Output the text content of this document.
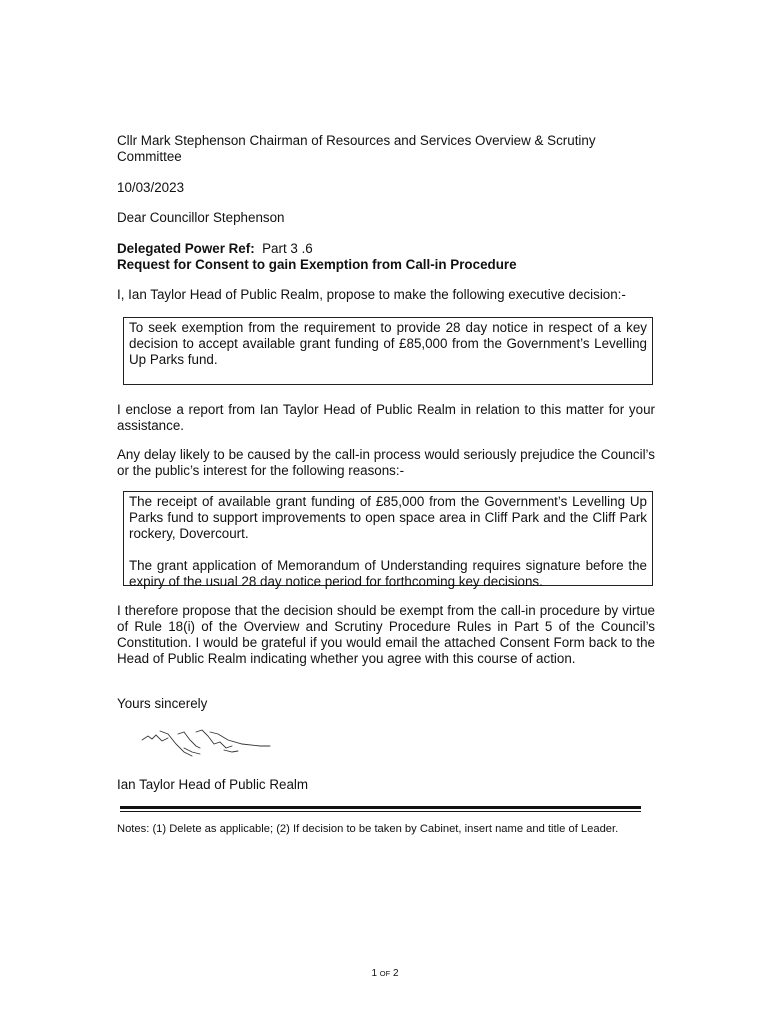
Cllr Mark Stephenson Chairman of Resources and Services Overview & Scrutiny Committee

10/03/2023

Dear Councillor Stephenson

Delegated Power Ref: Part 3 .6

Request for Consent to gain Exemption from Call-in Procedure

I, Ian Taylor Head of Public Realm, propose to make the following executive decision:-

To seek exemption from the requirement to provide 28 day notice in respect of a key decision to accept available grant funding of £85,000 from the Government’s Levelling Up Parks fund.

I enclose a report from Ian Taylor Head of Public Realm in relation to this matter for your assistance.

Any delay likely to be caused by the call-in process would seriously prejudice the Council’s or the public’s interest for the following reasons:-

The receipt of available grant funding of £85,000 from the Government’s Levelling Up Parks fund to support improvements to open space area in Cliff Park and the Cliff Park rockery, Dovercourt.

The grant application of Memorandum of Understanding requires signature before the expiry of the usual 28 day notice period for forthcoming key decisions.

I therefore propose that the decision should be exempt from the call-in procedure by virtue of Rule 18(i) of the Overview and Scrutiny Procedure Rules in Part 5 of the Council’s Constitution. I would be grateful if you would email the attached Consent Form back to the Head of Public Realm indicating whether you agree with this course of action.

Yours sincerely

Ian Taylor Head of Public Realm

Notes: (1) Delete as applicable; (2) If decision to be taken by Cabinet, insert name and title of Leader.

1 OF 2
